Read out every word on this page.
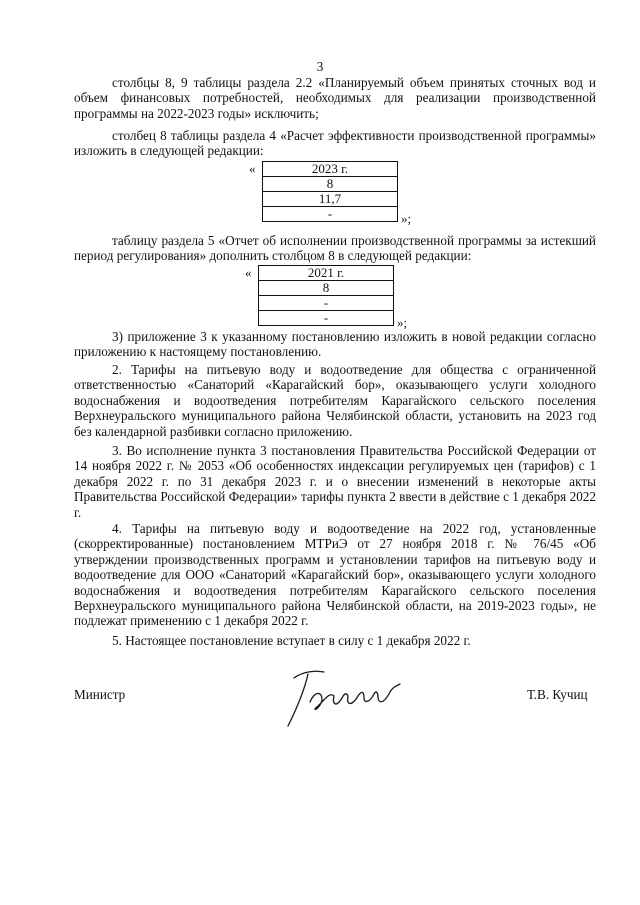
3

столбцы 8, 9 таблицы раздела 2.2 «Планируемый объем принятых сточных вод и объем финансовых потребностей, необходимых для реализации производственной программы на 2022-2023 годы» исключить;

столбец 8 таблицы раздела 4 «Расчет эффективности производственной программы» изложить в следующей редакции:

«	2023 г.
8
11,7
-	»;

таблицу раздела 5 «Отчет об исполнении производственной программы за истекший период регулирования» дополнить столбцом 8 в следующей редакции:

«	2021 г.
8
-
-	»;

3) приложение 3 к указанному постановлению изложить в новой редакции согласно приложению к настоящему постановлению.

2. Тарифы на питьевую воду и водоотведение для общества с ограниченной ответственностью «Санаторий «Карагайский бор», оказывающего услуги холодного водоснабжения и водоотведения потребителям Карагайского сельского поселения Верхнеуральского муниципального района Челябинской области, установить на 2023 год без календарной разбивки согласно приложению.

3. Во исполнение пункта 3 постановления Правительства Российской Федерации от 14 ноября 2022 г. № 2053 «Об особенностях индексации регулируемых цен (тарифов) с 1 декабря 2022 г. по 31 декабря 2023 г. и о внесении изменений в некоторые акты Правительства Российской Федерации» тарифы пункта 2 ввести в действие с 1 декабря 2022 г.

4. Тарифы на питьевую воду и водоотведение на 2022 год, установленные (скорректированные) постановлением МТРиЭ от 27 ноября 2018 г. № 76/45 «Об утверждении производственных программ и установлении тарифов на питьевую воду и водоотведение для ООО «Санаторий «Карагайский бор», оказывающего услуги холодного водоснабжения и водоотведения потребителям Карагайского сельского поселения Верхнеуральского муниципального района Челябинской области, на 2019-2023 годы», не подлежат применению с 1 декабря 2022 г.

5. Настоящее постановление вступает в силу с 1 декабря 2022 г.

Министр	Т.В. Кучиц
